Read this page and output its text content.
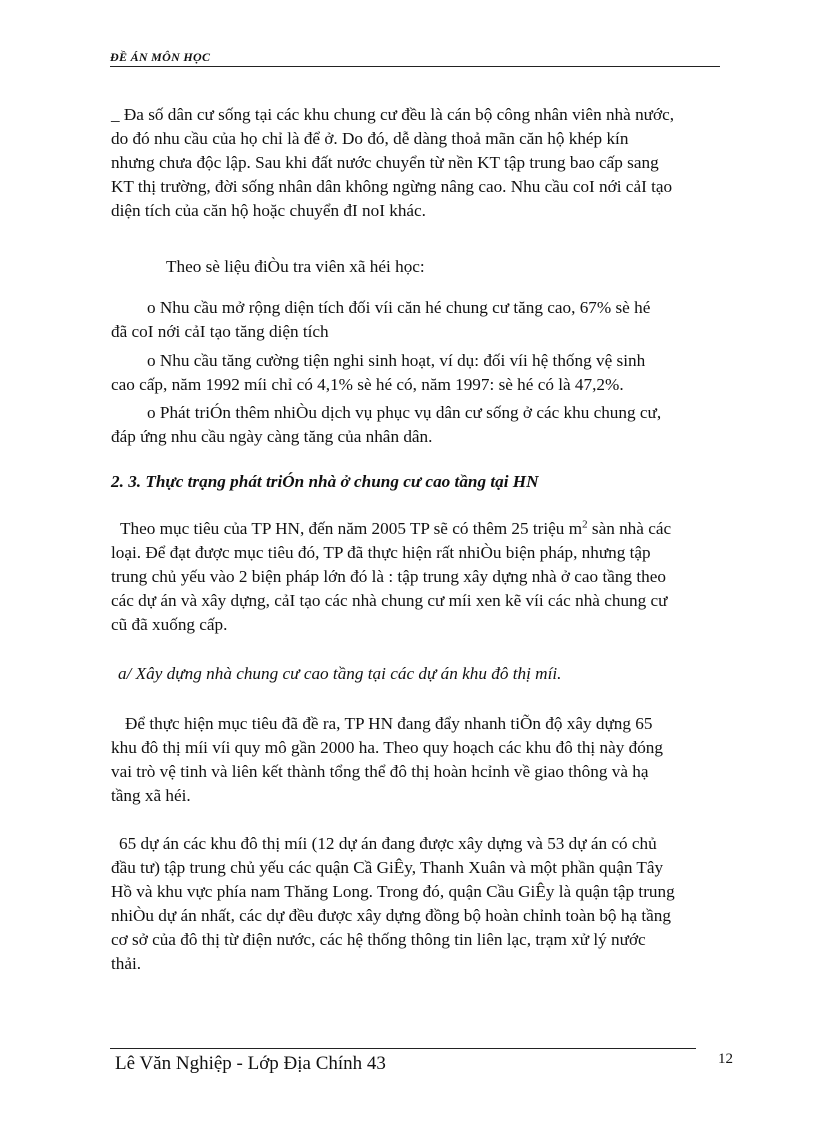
ĐỀ ÁN MÔN HỌC
_ Đa số dân cư sống tại các khu chung cư đều là cán bộ công nhân viên nhà nước,
do đó nhu cầu của họ chỉ là để ở. Do đó, dễ dàng thoả mãn căn hộ khép kín
nhưng chưa độc lập. Sau khi đất nước chuyển từ nền KT tập trung bao cấp sang
KT thị trường, đời sống nhân dân không ngừng nâng cao. Nhu cầu coI nới cảI tạo
diện tích của căn hộ hoặc chuyển đI noI khác.
Theo sè liệu điÒu tra viên xã héi học:
o Nhu cầu mở rộng diện tích đối víi căn hé chung cư tăng cao, 67% sè hé
đã coI nới cảI tạo tăng diện tích
o Nhu cầu tăng cường tiện nghi sinh hoạt, ví dụ: đối víi hệ thống vệ sinh
cao cấp, năm 1992 míi chỉ có 4,1% sè hé có, năm 1997: sè hé có là 47,2%.
o Phát triÓn thêm nhiÒu dịch vụ phục vụ dân cư sống ở các khu chung cư,
đáp ứng nhu cầu ngày càng tăng của nhân dân.
2. 3. Thực trạng phát triÓn nhà ở chung cư cao tầng tại HN
Theo mục tiêu của TP HN, đến năm 2005 TP sẽ có thêm 25 triệu $m^2$ sàn nhà các
loại. Để đạt được mục tiêu đó, TP đã thực hiện rất nhiÒu biện pháp, nhưng tập
trung chủ yếu vào 2 biện pháp lớn đó là : tập trung xây dựng nhà ở cao tầng theo
các dự án và xây dựng, cảI tạo các nhà chung cư míi xen kẽ víi các nhà chung cư
cũ đã xuống cấp.
a/ Xây dựng nhà chung cư cao tầng tại các dự án khu đô thị míi.
Để thực hiện mục tiêu đã đề ra, TP HN đang đẩy nhanh tiÕn độ xây dựng 65
khu đô thị míi víi quy mô gần 2000 ha. Theo quy hoạch các khu đô thị này đóng
vai trò vệ tinh và liên kết thành tổng thể đô thị hoàn hcỉnh về giao thông và hạ
tầng xã héi.
65 dự án các khu đô thị míi (12 dự án đang được xây dựng và 53 dự án có chủ
đầu tư) tập trung chủ yếu các quận Cầ GiÊy, Thanh Xuân và một phần quận Tây
Hồ và khu vực phía nam Thăng Long. Trong đó, quận Cầu GiÊy là quận tập trung
nhiÒu dự án nhất, các dự đều được xây dựng đồng bộ hoàn chỉnh toàn bộ hạ tầng
cơ sở của đô thị từ điện nước, các hệ thống thông tin liên lạc, trạm xử lý nước
thải.
Lê Văn Nghiệp - Lớp Địa Chính 43	12
